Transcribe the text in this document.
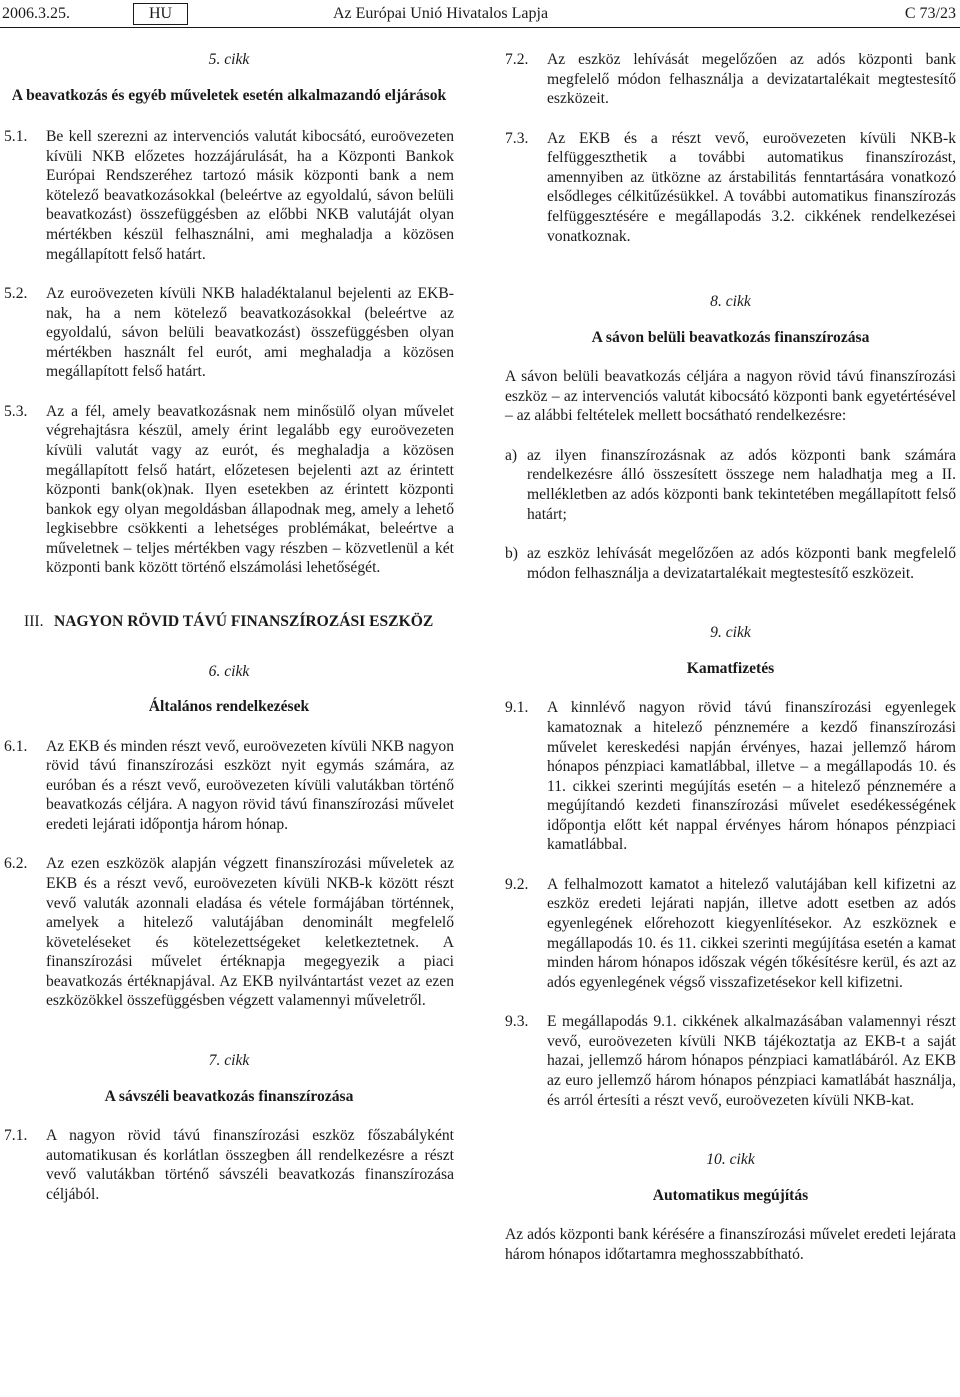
2006.3.25.	HU	Az Európai Unió Hivatalos Lapja	C 73/23
5. cikk
A beavatkozás és egyéb műveletek esetén alkalmazandó eljárások
5.1.	Be kell szerezni az intervenciós valutát kibocsátó, euroövezeten kívüli NKB előzetes hozzájárulását, ha a Központi Bankok Európai Rendszeréhez tartozó másik központi bank a nem kötelező beavatkozásokkal (beleértve az egyoldalú, sávon belüli beavatkozást) összefüggésben az előbbi NKB valutáját olyan mértékben készül felhasználni, ami meghaladja a közösen megállapított felső határt.
5.2.	Az euroövezeten kívüli NKB haladéktalanul bejelenti az EKB-nak, ha a nem kötelező beavatkozásokkal (beleértve az egyoldalú, sávon belüli beavatkozást) összefüggésben olyan mértékben használt fel eurót, ami meghaladja a közösen megállapított felső határt.
5.3.	Az a fél, amely beavatkozásnak nem minősülő olyan művelet végrehajtásra készül, amely érint legalább egy euroövezeten kívüli valutát vagy az eurót, és meghaladja a közösen megállapított felső határt, előzetesen bejelenti azt az érintett központi bank(ok)nak. Ilyen esetekben az érintett központi bankok egy olyan megoldásban állapodnak meg, amely a lehető legkisebbre csökkenti a lehetséges problémákat, beleértve a műveletnek – teljes mértékben vagy részben – közvetlenül a két központi bank között történő elszámolási lehetőségét.
III. NAGYON RÖVID TÁVÚ FINANSZÍROZÁSI ESZKÖZ
6. cikk
Általános rendelkezések
6.1.	Az EKB és minden részt vevő, euroövezeten kívüli NKB nagyon rövid távú finanszírozási eszközt nyit egymás számára, az euróban és a részt vevő, euroövezeten kívüli valutákban történő beavatkozás céljára. A nagyon rövid távú finanszírozási művelet eredeti lejárati időpontja három hónap.
6.2.	Az ezen eszközök alapján végzett finanszírozási műveletek az EKB és a részt vevő, euroövezeten kívüli NKB-k között részt vevő valuták azonnali eladása és vétele formájában történnek, amelyek a hitelező valutájában denominált megfelelő követeléseket és kötelezettségeket keletkeztetnek. A finanszírozási művelet értéknapja megegyezik a piaci beavatkozás értéknapjával. Az EKB nyilvántartást vezet az ezen eszközökkel összefüggésben végzett valamennyi műveletről.
7. cikk
A sávszéli beavatkozás finanszírozása
7.1.	A nagyon rövid távú finanszírozási eszköz főszabályként automatikusan és korlátlan összegben áll rendelkezésre a részt vevő valutákban történő sávszéli beavatkozás finanszírozása céljából.
7.2.	Az eszköz lehívását megelőzően az adós központi bank megfelelő módon felhasználja a devizatartalékait megtestesítő eszközeit.
7.3.	Az EKB és a részt vevő, euroövezeten kívüli NKB-k felfüggeszthetik a további automatikus finanszírozást, amennyiben az ütközne az árstabilitás fenntartására vonatkozó elsődleges célkitűzésükkel. A további automatikus finanszírozás felfüggesztésére e megállapodás 3.2. cikkének rendelkezései vonatkoznak.
8. cikk
A sávon belüli beavatkozás finanszírozása
A sávon belüli beavatkozás céljára a nagyon rövid távú finanszírozási eszköz – az intervenciós valutát kibocsátó központi bank egyetértésével – az alábbi feltételek mellett bocsátható rendelkezésre:
a) az ilyen finanszírozásnak az adós központi bank számára rendelkezésre álló összesített összege nem haladhatja meg a II. mellékletben az adós központi bank tekintetében megállapított felső határt;
b) az eszköz lehívását megelőzően az adós központi bank megfelelő módon felhasználja a devizatartalékait megtestesítő eszközeit.
9. cikk
Kamatfizetés
9.1.	A kinnlévő nagyon rövid távú finanszírozási egyenlegek kamatoznak a hitelező pénznemére a kezdő finanszírozási művelet kereskedési napján érvényes, hazai jellemző három hónapos pénzpiaci kamatlábbal, illetve – a megállapodás 10. és 11. cikkei szerinti megújítás esetén – a hitelező pénznemére a megújítandó kezdeti finanszírozási művelet esedékességének időpontja előtt két nappal érvényes három hónapos pénzpiaci kamatlábbal.
9.2.	A felhalmozott kamatot a hitelező valutájában kell kifizetni az eszköz eredeti lejárati napján, illetve adott esetben az adós egyenlegének előrehozott kiegyenlítésekor. Az eszköznek e megállapodás 10. és 11. cikkei szerinti megújítása esetén a kamat minden három hónapos időszak végén tőkésítésre kerül, és azt az adós egyenlegének végső visszafizetésekor kell kifizetni.
9.3.	E megállapodás 9.1. cikkének alkalmazásában valamennyi részt vevő, euroövezeten kívüli NKB tájékoztatja az EKB-t a saját hazai, jellemző három hónapos pénzpiaci kamatlábáról. Az EKB az euro jellemző három hónapos pénzpiaci kamatlábát használja, és arról értesíti a részt vevő, euroövezeten kívüli NKB-kat.
10. cikk
Automatikus megújítás
Az adós központi bank kérésére a finanszírozási művelet eredeti lejárata három hónapos időtartamra meghosszabbítható.
